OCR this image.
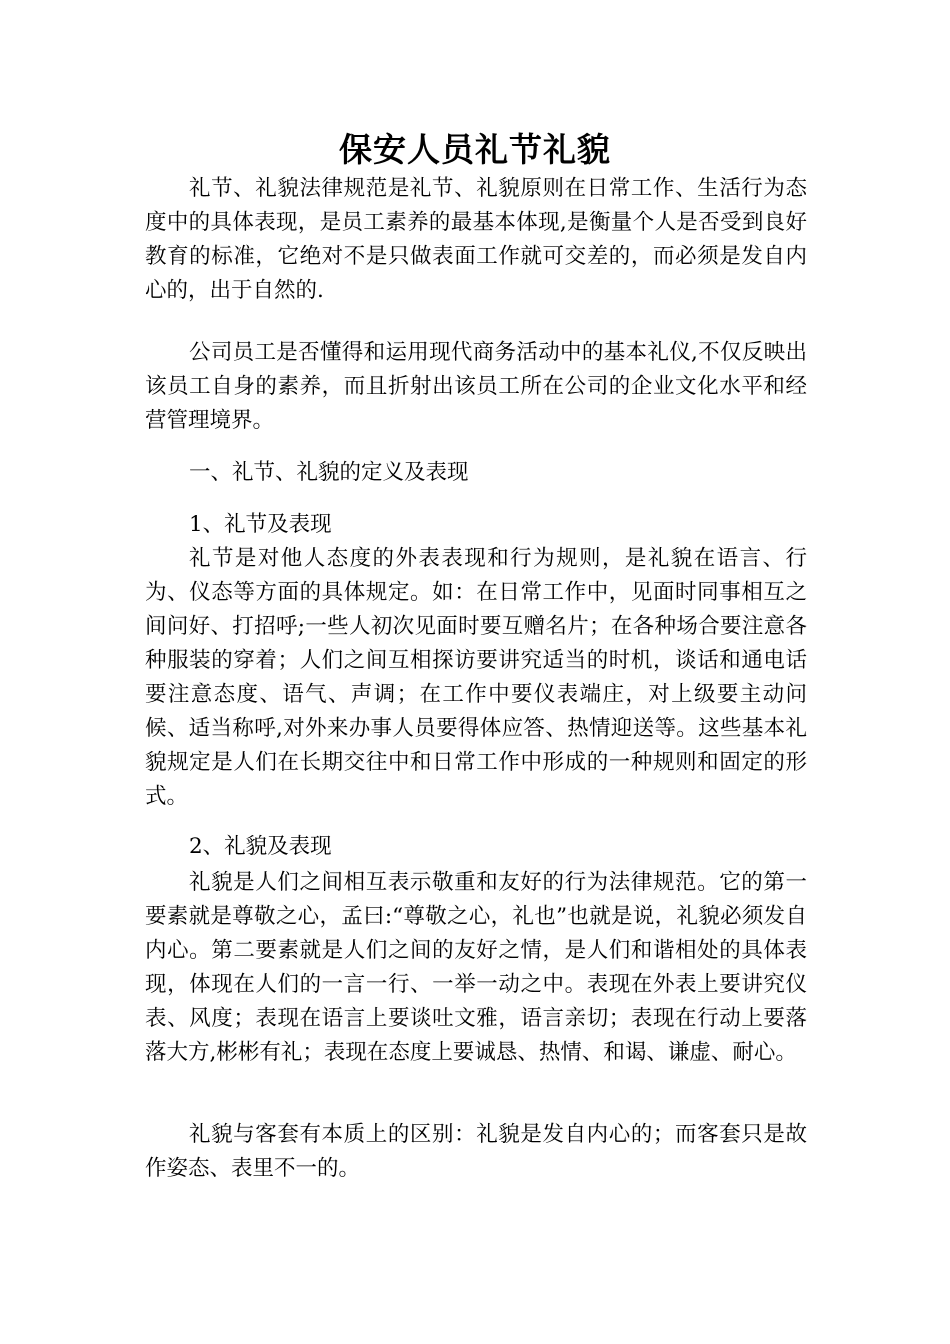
保安人员礼节礼貌

礼节、礼貌法律规范是礼节、礼貌原则在日常工作、生活行为态度中的具体表现，是员工素养的最基本体现,是衡量个人是否受到良好教育的标准，它绝对不是只做表面工作就可交差的，而必须是发自内心的，出于自然的.

公司员工是否懂得和运用现代商务活动中的基本礼仪,不仅反映出该员工自身的素养，而且折射出该员工所在公司的企业文化水平和经营管理境界。

一、礼节、礼貌的定义及表现

1、礼节及表现

礼节是对他人态度的外表表现和行为规则，是礼貌在语言、行为、仪态等方面的具体规定。如：在日常工作中，见面时同事相互之间问好、打招呼;一些人初次见面时要互赠名片；在各种场合要注意各种服装的穿着；人们之间互相探访要讲究适当的时机，谈话和通电话要注意态度、语气、声调；在工作中要仪表端庄，对上级要主动问候、适当称呼,对外来办事人员要得体应答、热情迎送等。这些基本礼貌规定是人们在长期交往中和日常工作中形成的一种规则和固定的形式。

2、礼貌及表现

礼貌是人们之间相互表示敬重和友好的行为法律规范。它的第一要素就是尊敬之心，孟曰:“尊敬之心，礼也”也就是说，礼貌必须发自内心。第二要素就是人们之间的友好之情，是人们和谐相处的具体表现，体现在人们的一言一行、一举一动之中。表现在外表上要讲究仪表、风度；表现在语言上要谈吐文雅，语言亲切；表现在行动上要落落大方,彬彬有礼；表现在态度上要诚恳、热情、和谒、谦虚、耐心。

礼貌与客套有本质上的区别：礼貌是发自内心的；而客套只是故作姿态、表里不一的。
